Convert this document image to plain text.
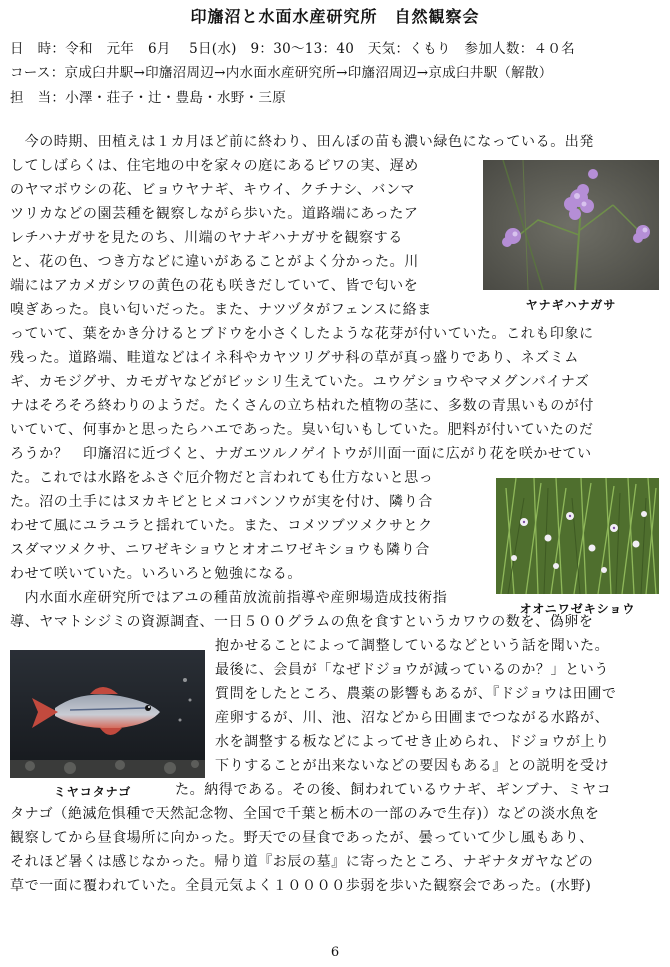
印旛沼と水面水産研究所　自然観察会
日　時：令和　元年　6月　 5日(水)　9：30～13：40　天気：くもり　参加人数：４０名
コース：京成臼井駅→印旛沼周辺→内水面水産研究所→印旛沼周辺→京成臼井駅（解散）
担　当：小澤・荘子・辻・豊島・水野・三原
　今の時期、田植えは１カ月ほど前に終わり、田んぼの苗も濃い緑色になっている。出発
してしばらくは、住宅地の中を家々の庭にあるビワの実、遅め
のヤマボウシの花、ビョウヤナギ、キウイ、クチナシ、バンマ
ツリカなどの園芸種を観察しながら歩いた。道路端にあったア
レチハナガサを見たのち、川端のヤナギハナガサを観察する
と、花の色、つき方などに違いがあることがよく分かった。川
端にはアカメガシワの黄色の花も咲きだしていて、皆で匂いを
嗅ぎあった。良い匂いだった。また、ナツヅタがフェンスに絡ま
っていて、葉をかき分けるとブドウを小さくしたような花芽が付いていた。これも印象に
残った。道路端、畦道などはイネ科やカヤツリグサ科の草が真っ盛りであり、ネズミム
ギ、カモジグサ、カモガヤなどがビッシリ生えていた。ユウゲショウやマメグンバイナズ
ナはそろそろ終わりのようだ。たくさんの立ち枯れた植物の茎に、多数の青黒いものが付
いていて、何事かと思ったらハエであった。臭い匂いもしていた。肥料が付いていたのだ
ろうか？　印旛沼に近づくと、ナガエツルノゲイトウが川面一面に広がり花を咲かせてい
た。これでは水路をふさぐ厄介物だと言われても仕方ないと思っ
た。沼の土手にはヌカキビとヒメコバンソウが実を付け、隣り合
わせて風にユラユラと揺れていた。また、コメツブツメクサとク
スダマツメクサ、ニワゼキショウとオオニワゼキショウも隣り合
わせて咲いていた。いろいろと勉強になる。
　内水面水産研究所ではアユの種苗放流前指導や産卵場造成技術指
導、ヤマトシジミの資源調査、一日５００グラムの魚を食すというカワウの数を、偽卵を
抱かせることによって調整しているなどという話を聞いた。
最後に、会員が「なぜドジョウが減っているのか？」という
質問をしたところ、農薬の影響もあるが、『ドジョウは田圃で
産卵するが、川、池、沼などから田圃までつながる水路が、
水を調整する板などによってせき止められ、ドジョウが上り
下りすることが出来ないなどの要因もある』との説明を受け
た。納得である。その後、飼われているウナギ、ギンブナ、ミヤコ
タナゴ（絶滅危惧種で天然記念物、全国で千葉と栃木の一部のみで生存)）などの淡水魚を
観察してから昼食場所に向かった。野天での昼食であったが、曇っていて少し風もあり、
それほど暑くは感じなかった。帰り道『お辰の墓』に寄ったところ、ナギナタガヤなどの
草で一面に覆われていた。全員元気よく１００００歩弱を歩いた観察会であった。(水野)
ヤナギハナガサ
オオニワゼキショウ
ミヤコタナゴ
6
